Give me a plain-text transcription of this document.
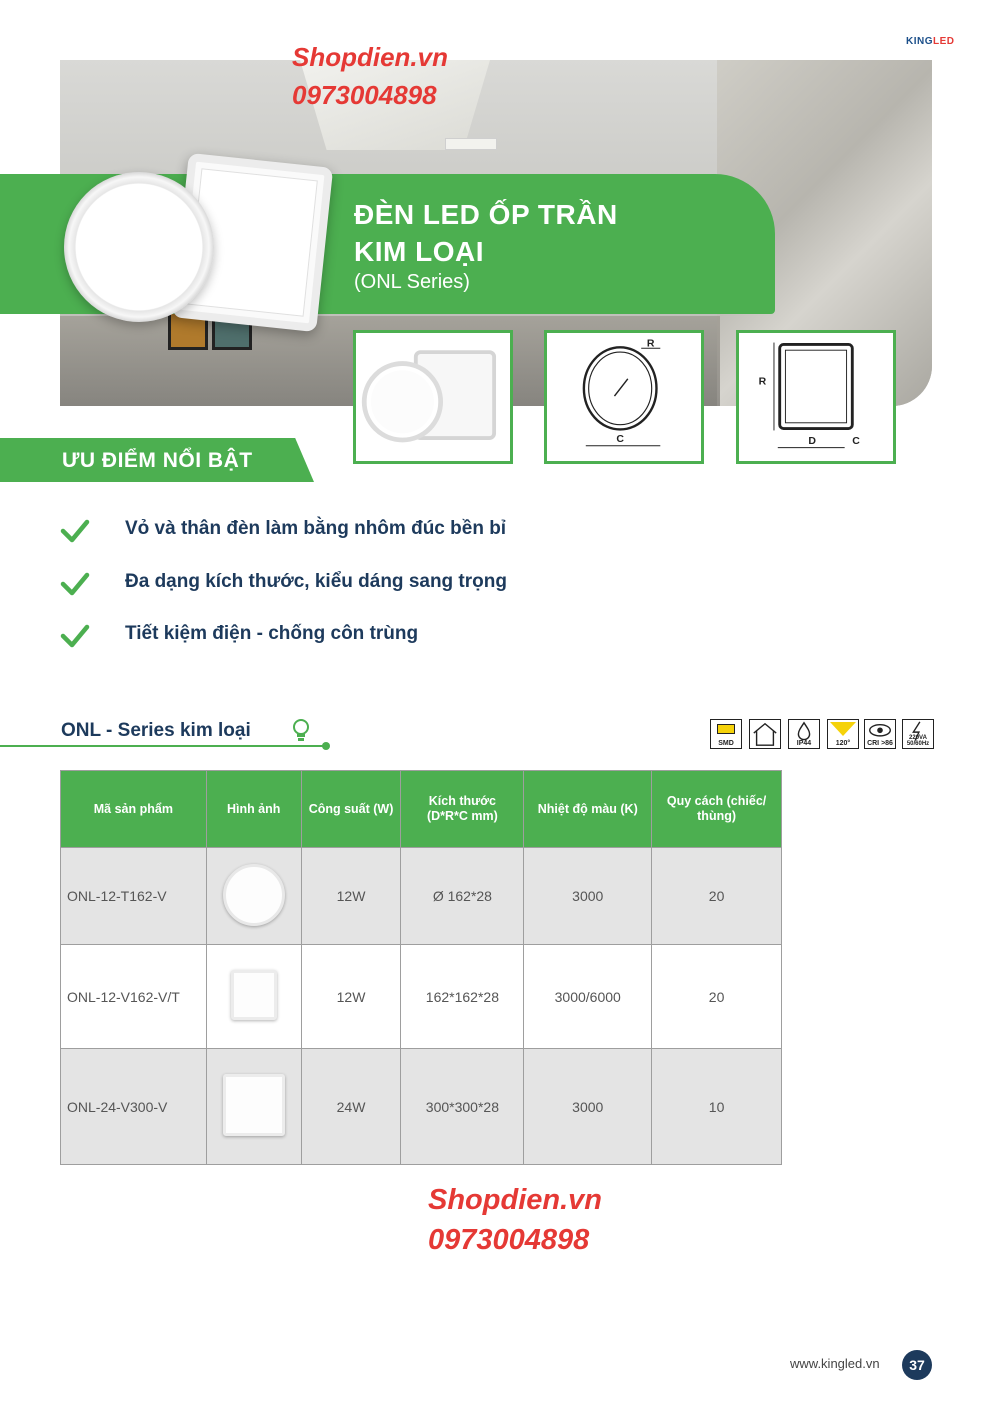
Shopdien.vn
0973004898
KINGLED
ĐÈN LED ỐP TRẦN
KIM LOẠI
(ONL Series)
R
C
R
D	C
ƯU ĐIỂM NỔI BẬT
Vỏ và thân đèn làm bằng nhôm đúc bền bỉ
Đa dạng kích thước, kiểu dáng sang trọng
Tiết kiệm điện - chống côn trùng
ONL - Series kim loại
SMD	IP44	120°	CRI >86
220VA 50/60Hz
Mã sản phẩm	Hình ảnh	Công suất (W)	Kích thước (D*R*C mm)	Nhiệt độ màu (K)	Quy cách (chiếc/ thùng)
ONL-12-T162-V		12W	Ø 162*28	3000	20
ONL-12-V162-V/T		12W	162*162*28	3000/6000	20
ONL-24-V300-V		24W	300*300*28	3000	10
Shopdien.vn
0973004898
www.kingled.vn	37
